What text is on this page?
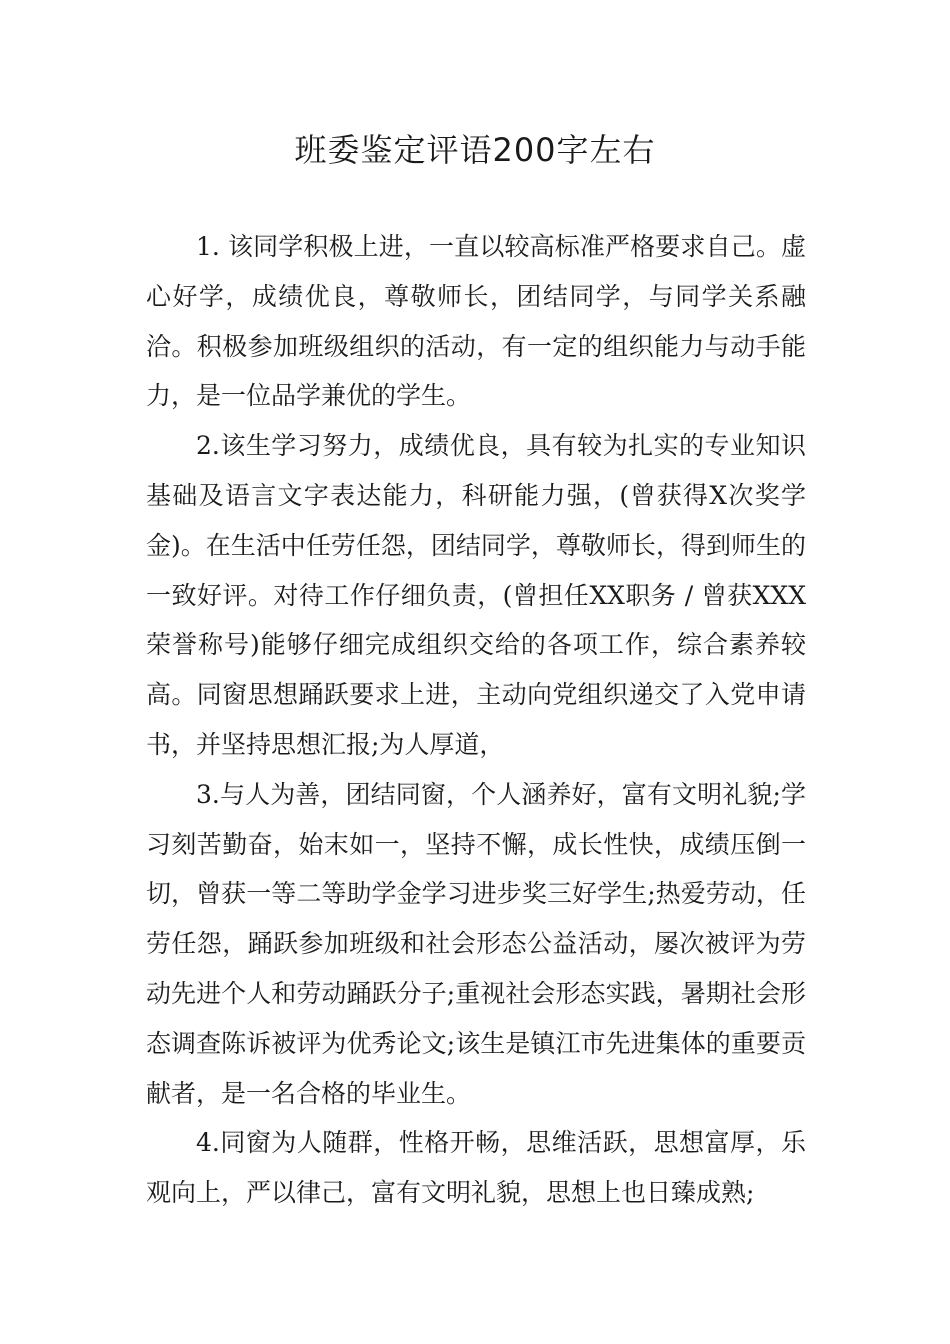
班委鉴定评语200字左右

1. 该同学积极上进，一直以较高标准严格要求自己。虚心好学，成绩优良，尊敬师长，团结同学，与同学关系融洽。积极参加班级组织的活动，有一定的组织能力与动手能力，是一位品学兼优的学生。

2.该生学习努力，成绩优良，具有较为扎实的专业知识基础及语言文字表达能力，科研能力强，(曾获得X次奖学金)。在生活中任劳任怨，团结同学，尊敬师长，得到师生的一致好评。对待工作仔细负责，(曾担任XX职务 / 曾获XXX荣誉称号)能够仔细完成组织交给的各项工作，综合素养较高。同窗思想踊跃要求上进，主动向党组织递交了入党申请书，并坚持思想汇报;为人厚道，

3.与人为善，团结同窗，个人涵养好，富有文明礼貌;学习刻苦勤奋，始末如一，坚持不懈，成长性快，成绩压倒一切，曾获一等二等助学金学习进步奖三好学生;热爱劳动，任劳任怨，踊跃参加班级和社会形态公益活动，屡次被评为劳动先进个人和劳动踊跃分子;重视社会形态实践，暑期社会形态调查陈诉被评为优秀论文;该生是镇江市先进集体的重要贡献者，是一名合格的毕业生。

4.同窗为人随群，性格开畅，思维活跃，思想富厚，乐观向上，严以律己，富有文明礼貌，思想上也日臻成熟;
